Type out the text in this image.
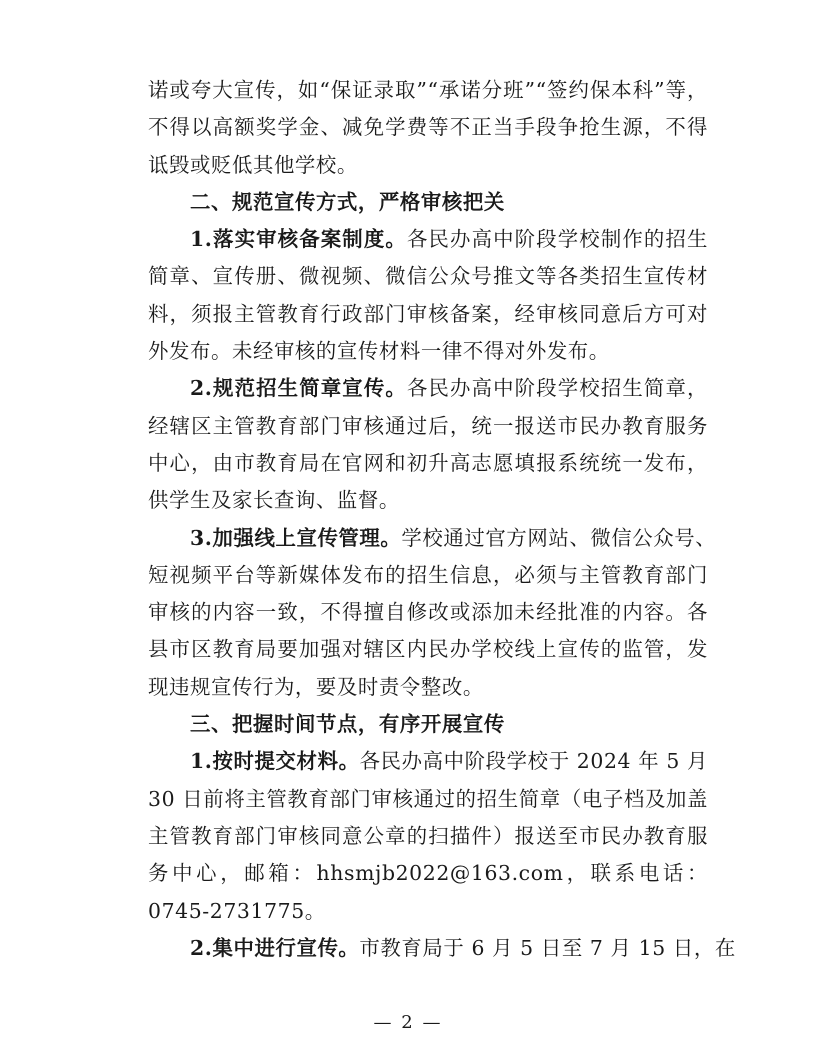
诺或夸大宣传，如“保证录取”“承诺分班”“签约保本科”等，
不得以高额奖学金、减免学费等不正当手段争抢生源，不得
诋毁或贬低其他学校。
二、规范宣传方式，严格审核把关
1.落实审核备案制度。各民办高中阶段学校制作的招生
简章、宣传册、微视频、微信公众号推文等各类招生宣传材
料，须报主管教育行政部门审核备案，经审核同意后方可对
外发布。未经审核的宣传材料一律不得对外发布。
2.规范招生简章宣传。各民办高中阶段学校招生简章，
经辖区主管教育部门审核通过后，统一报送市民办教育服务
中心，由市教育局在官网和初升高志愿填报系统统一发布，
供学生及家长查询、监督。
3.加强线上宣传管理。学校通过官方网站、微信公众号、
短视频平台等新媒体发布的招生信息，必须与主管教育部门
审核的内容一致，不得擅自修改或添加未经批准的内容。各
县市区教育局要加强对辖区内民办学校线上宣传的监管，发
现违规宣传行为，要及时责令整改。
三、把握时间节点，有序开展宣传
1.按时提交材料。各民办高中阶段学校于 2024 年 5 月
30 日前将主管教育部门审核通过的招生简章（电子档及加盖
主管教育部门审核同意公章的扫描件）报送至市民办教育服
务中心，邮箱：hhsmjb2022@163.com，联系电话：
0745-2731775。
2.集中进行宣传。市教育局于 6 月 5 日至 7 月 15 日，在
— 2 —
